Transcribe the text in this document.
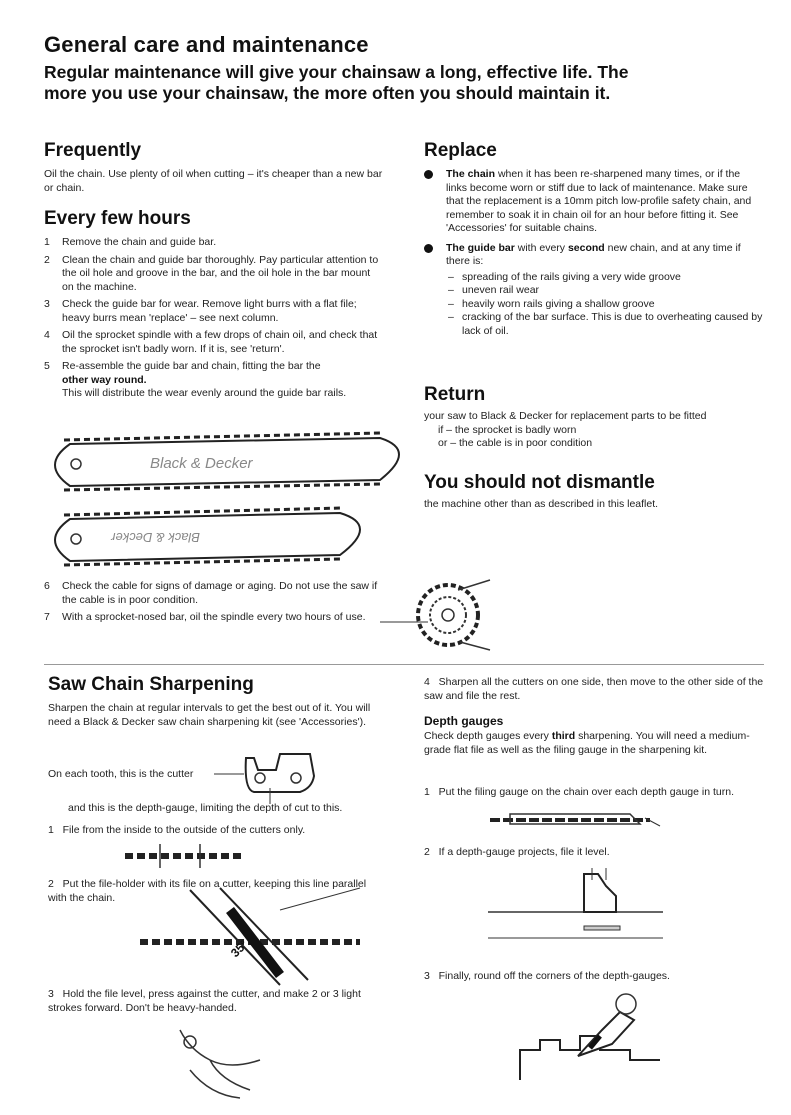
General care and maintenance
Regular maintenance will give your chainsaw a long, effective life. The more you use your chainsaw, the more often you should maintain it.
Frequently
Oil the chain. Use plenty of oil when cutting – it's cheaper than a new bar or chain.
Every few hours
1 Remove the chain and guide bar.
2 Clean the chain and guide bar thoroughly. Pay particular attention to the oil hole and groove in the bar, and the oil hole in the bar mount on the machine.
3 Check the guide bar for wear. Remove light burrs with a flat file; heavy burrs mean 'replace' – see next column.
4 Oil the sprocket spindle with a few drops of chain oil, and check that the sprocket isn't badly worn. If it is, see 'return'.
5 Re-assemble the guide bar and chain, fitting the bar the
other way round.
This will distribute the wear evenly around the guide bar rails.
Black & Decker
Black & Decker
6 Check the cable for signs of damage or aging. Do not use the saw if the cable is in poor condition.
7 With a sprocket-nosed bar, oil the spindle every two hours of use.
Replace
The chain when it has been re-sharpened many times, or if the links become worn or stiff due to lack of maintenance. Make sure that the replacement is a 10mm pitch low-profile safety chain, and remember to soak it in chain oil for an hour before fitting it. See 'Accessories' for suitable chains.
The guide bar with every second new chain, and at any time if there is:
– spreading of the rails giving a very wide groove
– uneven rail wear
– heavily worn rails giving a shallow groove
– cracking of the bar surface. This is due to overheating caused by lack of oil.
Return
your saw to Black & Decker for replacement parts to be fitted
if – the sprocket is badly worn
or – the cable is in poor condition
You should not dismantle
the machine other than as described in this leaflet.
Saw Chain Sharpening
Sharpen the chain at regular intervals to get the best out of it. You will need a Black & Decker saw chain sharpening kit (see 'Accessories').
On each tooth, this is the cutter
and this is the depth-gauge, limiting the depth of cut to this.
1 File from the inside to the outside of the cutters only.
2 Put the file-holder with its file on a cutter, keeping this line parallel with the chain.
35°
3 Hold the file level, press against the cutter, and make 2 or 3 light strokes forward. Don't be heavy-handed.
4 Sharpen all the cutters on one side, then move to the other side of the saw and file the rest.
Depth gauges
Check depth gauges every third sharpening. You will need a medium-grade flat file as well as the filing gauge in the sharpening kit.
1 Put the filing gauge on the chain over each depth gauge in turn.
2 If a depth-gauge projects, file it level.
3 Finally, round off the corners of the depth-gauges.
